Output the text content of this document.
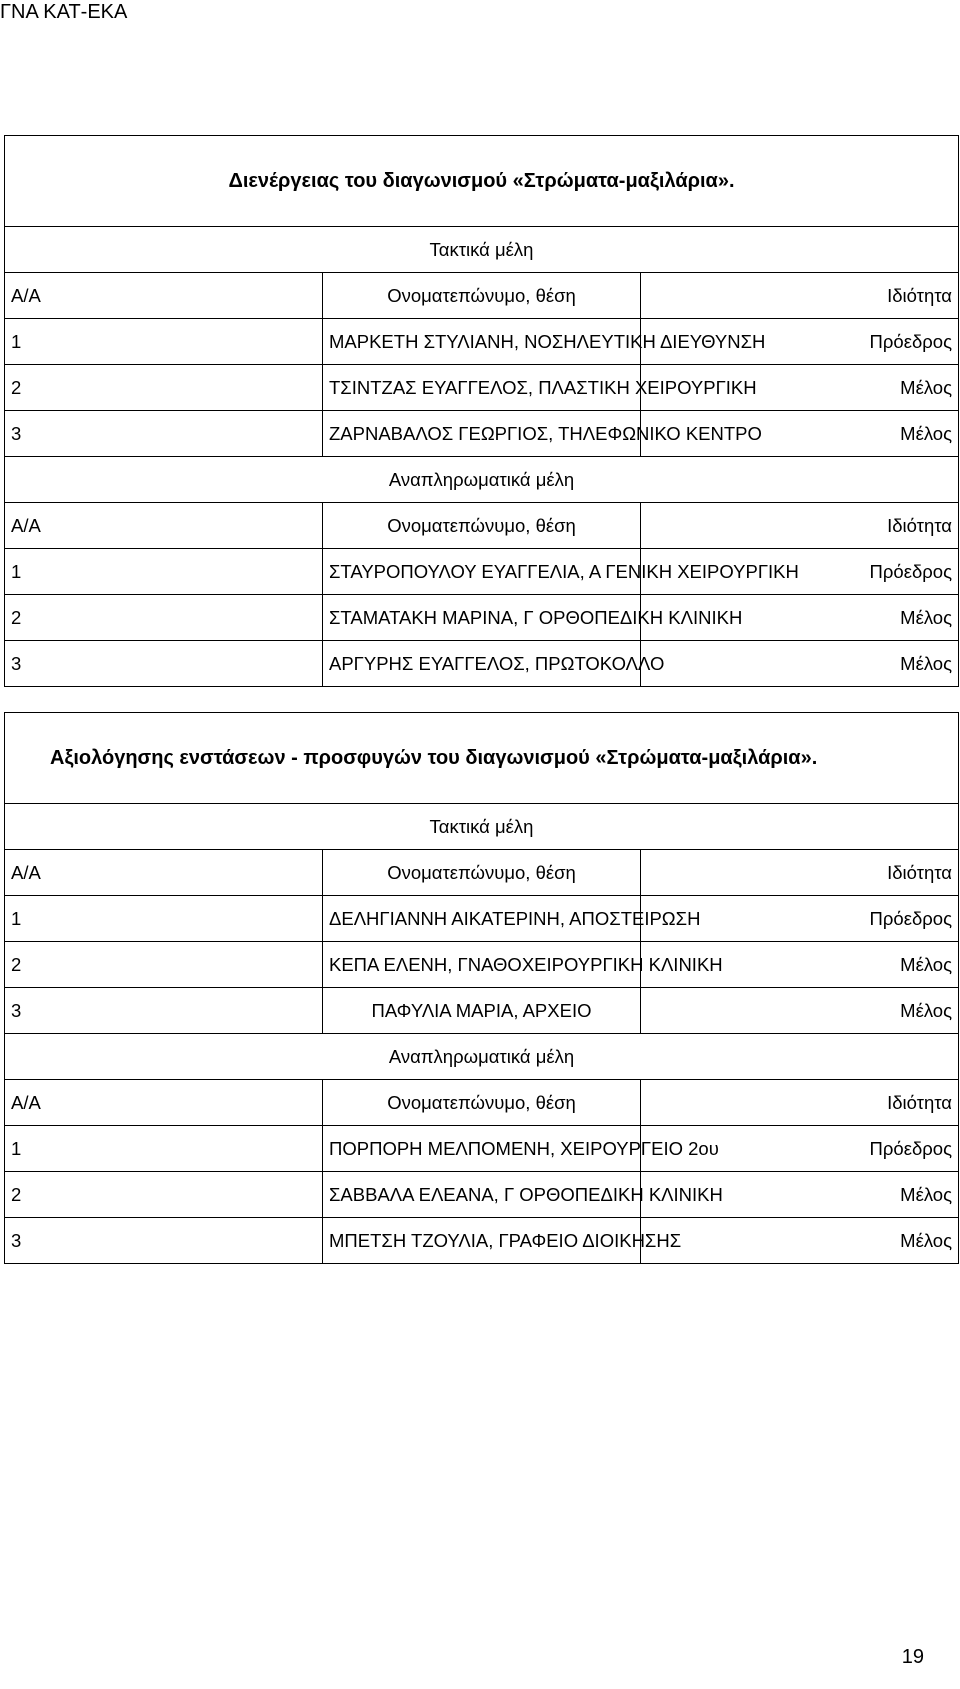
ΓΝΑ ΚΑΤ-ΕΚΑ
Διενέργειας του διαγωνισμού «Στρώματα-μαξιλάρια».		
Τακτικά μέλη		
Α/Α	Ονοματεπώνυμο, θέση	Ιδιότητα
1	ΜΑΡΚΕΤΗ ΣΤΥΛΙΑΝΗ, ΝΟΣΗΛΕΥΤΙΚΗ ΔΙΕΥΘΥΝΣΗ	Πρόεδρος
2	ΤΣΙΝΤΖΑΣ ΕΥΑΓΓΕΛΟΣ, ΠΛΑΣΤΙΚΗ ΧΕΙΡΟΥΡΓΙΚΗ	Μέλος
3	ΖΑΡΝΑΒΑΛΟΣ ΓΕΩΡΓΙΟΣ, ΤΗΛΕΦΩΝΙΚΟ ΚΕΝΤΡΟ	Μέλος
Αναπληρωματικά μέλη		
Α/Α	Ονοματεπώνυμο, θέση	Ιδιότητα
1	ΣΤΑΥΡΟΠΟΥΛΟΥ ΕΥΑΓΓΕΛΙΑ, Α ΓΕΝΙΚΗ ΧΕΙΡΟΥΡΓΙΚΗ	Πρόεδρος
2	ΣΤΑΜΑΤΑΚΗ ΜΑΡΙΝΑ, Γ ΟΡΘΟΠΕΔΙΚΗ ΚΛΙΝΙΚΗ	Μέλος
3	ΑΡΓΥΡΗΣ ΕΥΑΓΓΕΛΟΣ, ΠΡΩΤΟΚΟΛΛΟ	Μέλος
Αξιολόγησης ενστάσεων - προσφυγών του διαγωνισμού «Στρώματα-μαξιλάρια».		
Τακτικά μέλη		
Α/Α	Ονοματεπώνυμο, θέση	Ιδιότητα
1	ΔΕΛΗΓΙΑΝΝΗ ΑΙΚΑΤΕΡΙΝΗ, ΑΠΟΣΤΕΙΡΩΣΗ	Πρόεδρος
2	ΚΕΠΑ ΕΛΕΝΗ, ΓΝΑΘΟΧΕΙΡΟΥΡΓΙΚΗ ΚΛΙΝΙΚΗ	Μέλος
3	ΠΑΦΥΛΙΑ ΜΑΡΙΑ, ΑΡΧΕΙΟ	Μέλος
Αναπληρωματικά μέλη		
Α/Α	Ονοματεπώνυμο, θέση	Ιδιότητα
1	ΠΟΡΠΟΡΗ ΜΕΛΠΟΜΕΝΗ, ΧΕΙΡΟΥΡΓΕΙΟ 2ου	Πρόεδρος
2	ΣΑΒΒΑΛΑ ΕΛΕΑΝΑ, Γ ΟΡΘΟΠΕΔΙΚΗ ΚΛΙΝΙΚΗ	Μέλος
3	ΜΠΕΤΣΗ ΤΖΟΥΛΙΑ, ΓΡΑΦΕΙΟ ΔΙΟΙΚΗΣΗΣ	Μέλος
19
